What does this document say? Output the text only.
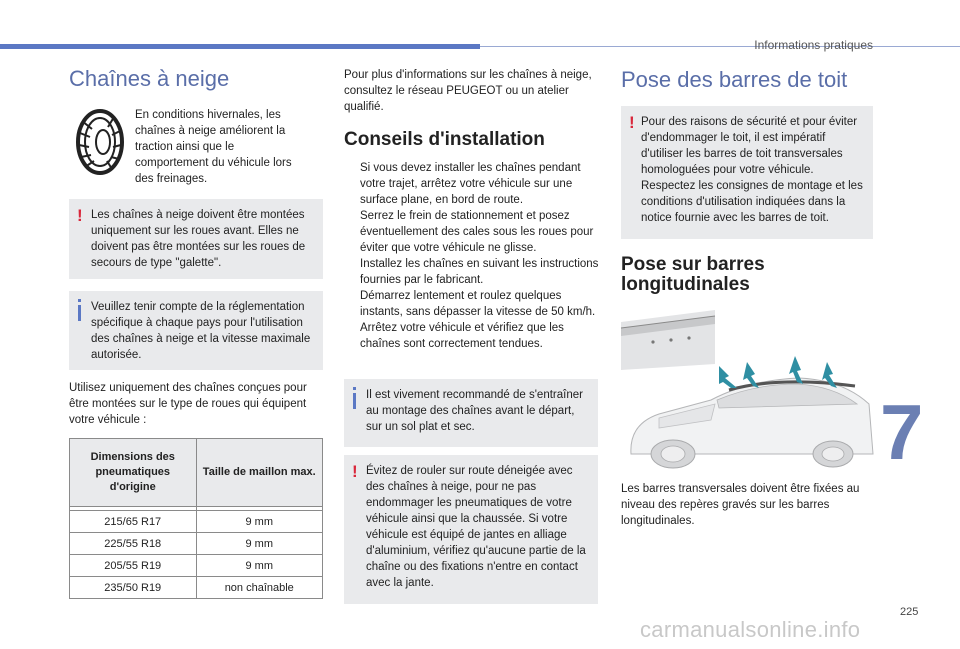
Informations pratiques
Chaînes à neige
En conditions hivernales, les chaînes à neige améliorent la traction ainsi que le comportement du véhicule lors des freinages.
! Les chaînes à neige doivent être montées uniquement sur les roues avant. Elles ne doivent pas être montées sur les roues de secours de type "galette".
Veuillez tenir compte de la réglementation spécifique à chaque pays pour l'utilisation des chaînes à neige et la vitesse maximale autorisée.
Utilisez uniquement des chaînes conçues pour être montées sur le type de roues qui équipent votre véhicule :
Dimensions des pneumatiques d'origine	Taille de maillon max.

215/65 R17	9 mm
225/55 R18	9 mm
205/55 R19	9 mm
235/50 R19	non chaînable
Pour plus d'informations sur les chaînes à neige, consultez le réseau PEUGEOT ou un atelier qualifié.
Conseils d'installation
Si vous devez installer les chaînes pendant votre trajet, arrêtez votre véhicule sur une surface plane, en bord de route.
Serrez le frein de stationnement et posez éventuellement des cales sous les roues pour éviter que votre véhicule ne glisse.
Installez les chaînes en suivant les instructions fournies par le fabricant.
Démarrez lentement et roulez quelques instants, sans dépasser la vitesse de 50 km/h.
Arrêtez votre véhicule et vérifiez que les chaînes sont correctement tendues.
Il est vivement recommandé de s'entraîner au montage des chaînes avant le départ, sur un sol plat et sec.
! Évitez de rouler sur route déneigée avec des chaînes à neige, pour ne pas endommager les pneumatiques de votre véhicule ainsi que la chaussée. Si votre véhicule est équipé de jantes en alliage d'aluminium, vérifiez qu'aucune partie de la chaîne ou des fixations n'entre en contact avec la jante.
Pose des barres de toit
! Pour des raisons de sécurité et pour éviter d'endommager le toit, il est impératif d'utiliser les barres de toit transversales homologuées pour votre véhicule. Respectez les consignes de montage et les conditions d'utilisation indiquées dans la notice fournie avec les barres de toit.
Pose sur barres longitudinales
Les barres transversales doivent être fixées au niveau des repères gravés sur les barres longitudinales.
7
225
carmanualsonline.info
